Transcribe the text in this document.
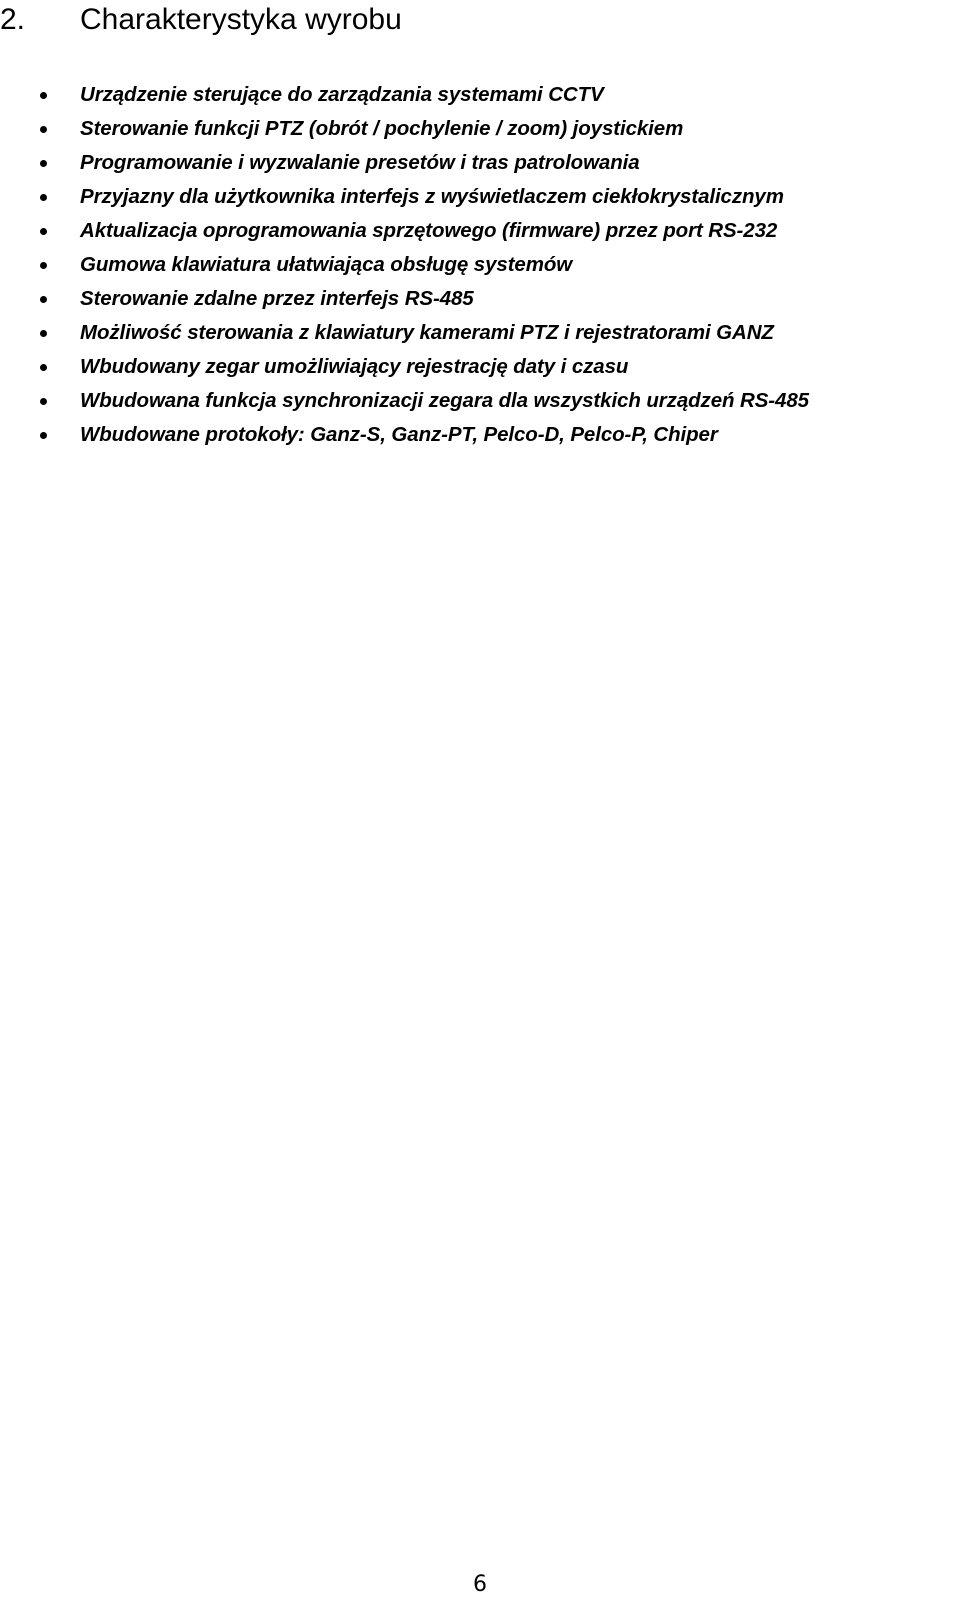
2.	Charakterystyka wyrobu
Urządzenie sterujące do zarządzania systemami CCTV
Sterowanie funkcji PTZ (obrót / pochylenie / zoom) joystickiem
Programowanie i wyzwalanie presetów i tras patrolowania
Przyjazny dla użytkownika interfejs z wyświetlaczem ciekłokrystalicznym
Aktualizacja oprogramowania sprzętowego (firmware) przez port RS-232
Gumowa klawiatura ułatwiająca obsługę systemów
Sterowanie zdalne przez interfejs RS-485
Możliwość sterowania z klawiatury kamerami PTZ i rejestratorami GANZ
Wbudowany zegar umożliwiający rejestrację daty i czasu
Wbudowana funkcja synchronizacji zegara dla wszystkich urządzeń RS-485
Wbudowane protokoły: Ganz-S, Ganz-PT, Pelco-D, Pelco-P, Chiper
6
